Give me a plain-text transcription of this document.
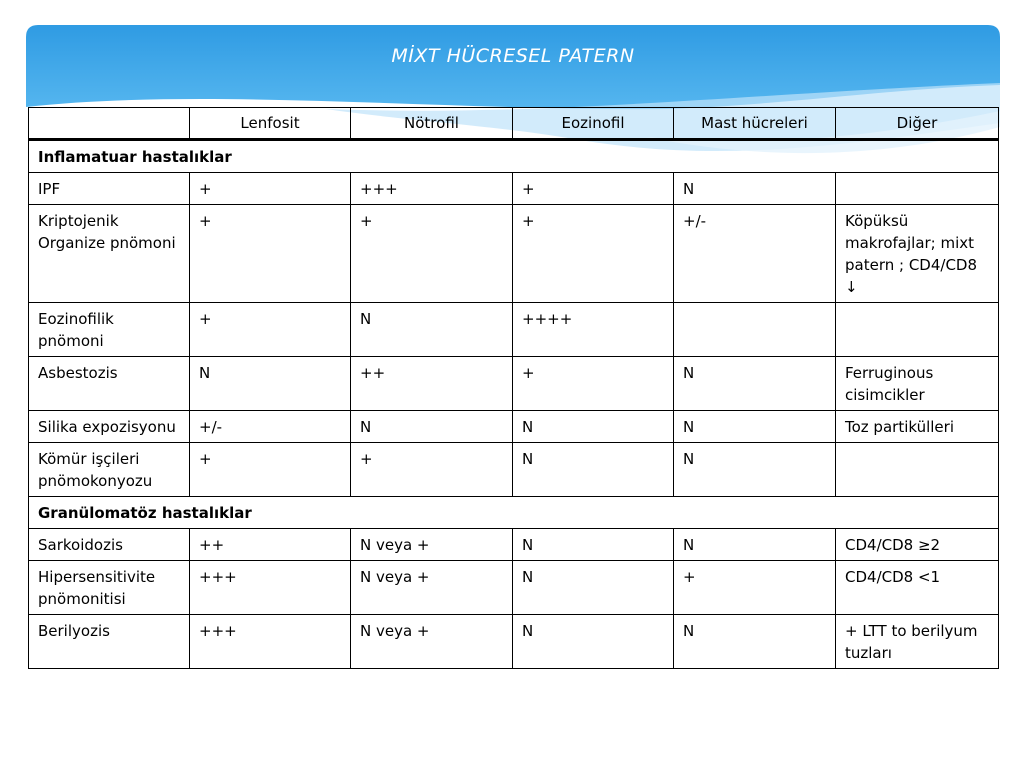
MİXT HÜCRESEL PATERN
	Lenfosit	Nötrofil	Eozinofil	Mast hücreleri	Diğer
Inflamatuar hastalıklar					
IPF	+	+++	+	N	
Kriptojenik Organize pnömoni	+	+	+	+/-	Köpüksü makrofajlar; mixt patern ; CD4/CD8 ↓
Eozinofilik pnömoni	+	N	++++		
Asbestozis	N	++	+	N	Ferruginous cisimcikler
Silika expozisyonu	+/-	N	N	N	Toz partikülleri
Kömür işçileri pnömokonyozu	+	+	N	N	
Granülomatöz hastalıklar					
Sarkoidozis	++	N veya +	N	N	CD4/CD8 ≥2
Hipersensitivite pnömonitisi	+++	N veya +	N	+	CD4/CD8 <1
Berilyozis	+++	N veya +	N	N	+ LTT to berilyum tuzları
